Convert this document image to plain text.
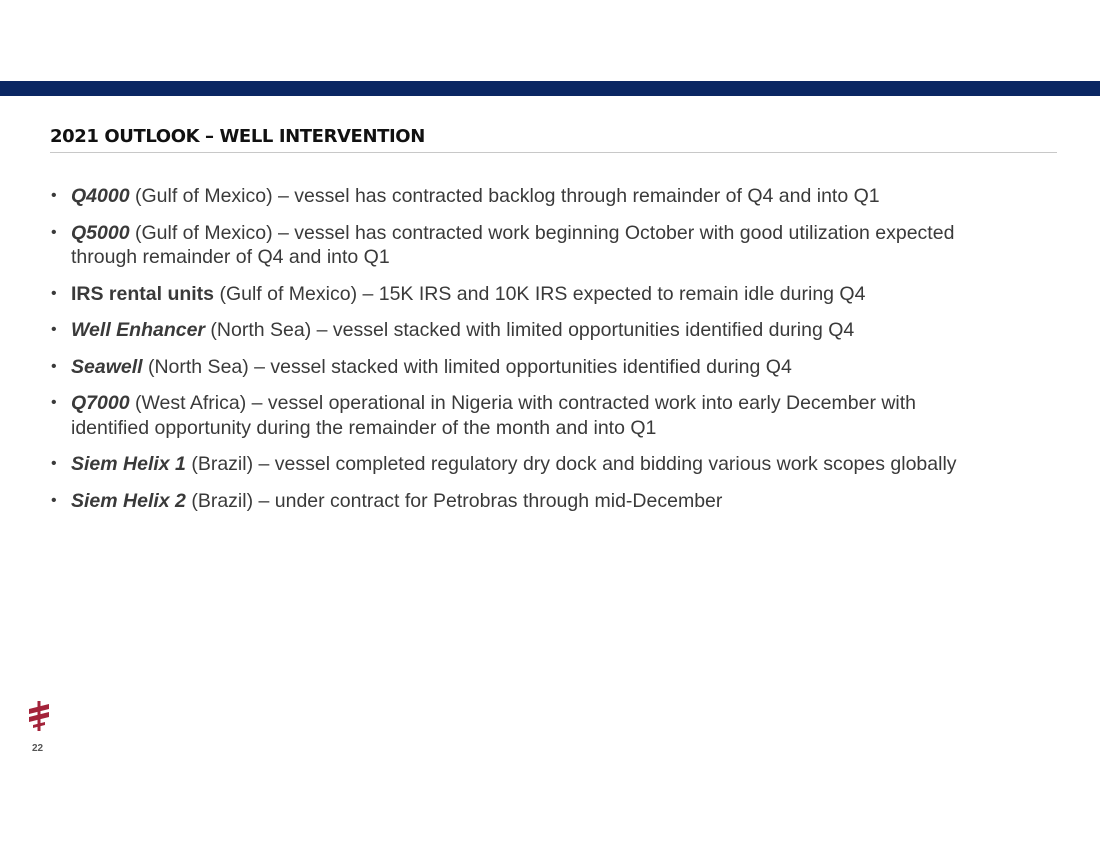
2021 OUTLOOK – WELL INTERVENTION
• Q4000 (Gulf of Mexico) – vessel has contracted backlog through remainder of Q4 and into Q1
• Q5000 (Gulf of Mexico) – vessel has contracted work beginning October with good utilization expected through remainder of Q4 and into Q1
• IRS rental units (Gulf of Mexico) – 15K IRS and 10K IRS expected to remain idle during Q4
• Well Enhancer (North Sea) – vessel stacked with limited opportunities identified during Q4
• Seawell (North Sea) – vessel stacked with limited opportunities identified during Q4
• Q7000 (West Africa) – vessel operational in Nigeria with contracted work into early December with identified opportunity during the remainder of the month and into Q1
• Siem Helix 1 (Brazil) – vessel completed regulatory dry dock and bidding various work scopes globally
• Siem Helix 2 (Brazil) – under contract for Petrobras through mid-December
22
